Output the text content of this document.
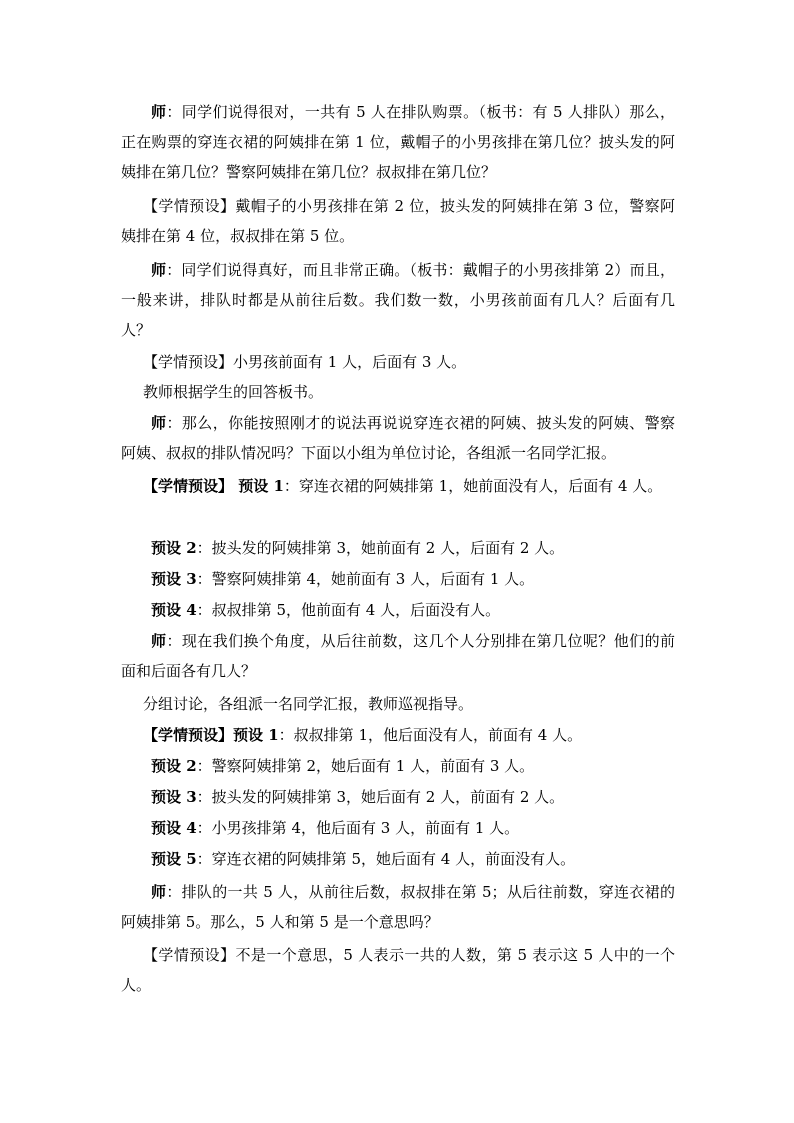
师：同学们说得很对，一共有 5 人在排队购票。（板书：有 5 人排队）那么，正在购票的穿连衣裙的阿姨排在第 1 位，戴帽子的小男孩排在第几位？披头发的阿姨排在第几位？警察阿姨排在第几位？叔叔排在第几位？

【学情预设】戴帽子的小男孩排在第 2 位，披头发的阿姨排在第 3 位，警察阿姨排在第 4 位，叔叔排在第 5 位。

师：同学们说得真好，而且非常正确。（板书：戴帽子的小男孩排第 2）而且，一般来讲，排队时都是从前往后数。我们数一数，小男孩前面有几人？后面有几人？

【学情预设】小男孩前面有 1 人，后面有 3 人。

教师根据学生的回答板书。

师：那么，你能按照刚才的说法再说说穿连衣裙的阿姨、披头发的阿姨、警察阿姨、叔叔的排队情况吗？下面以小组为单位讨论，各组派一名同学汇报。

【学情预设】 预设 1：穿连衣裙的阿姨排第 1，她前面没有人，后面有 4 人。

预设 2：披头发的阿姨排第 3，她前面有 2 人，后面有 2 人。

预设 3：警察阿姨排第 4，她前面有 3 人，后面有 1 人。

预设 4：叔叔排第 5，他前面有 4 人，后面没有人。

师：现在我们换个角度，从后往前数，这几个人分别排在第几位呢？他们的前面和后面各有几人？

分组讨论，各组派一名同学汇报，教师巡视指导。

【学情预设】预设 1：叔叔排第 1，他后面没有人，前面有 4 人。

预设 2：警察阿姨排第 2，她后面有 1 人，前面有 3 人。

预设 3：披头发的阿姨排第 3，她后面有 2 人，前面有 2 人。

预设 4：小男孩排第 4，他后面有 3 人，前面有 1 人。

预设 5：穿连衣裙的阿姨排第 5，她后面有 4 人，前面没有人。

师：排队的一共 5 人，从前往后数，叔叔排在第 5；从后往前数，穿连衣裙的阿姨排第 5。那么，5 人和第 5 是一个意思吗？

【学情预设】不是一个意思，5 人表示一共的人数，第 5 表示这 5 人中的一个人。
